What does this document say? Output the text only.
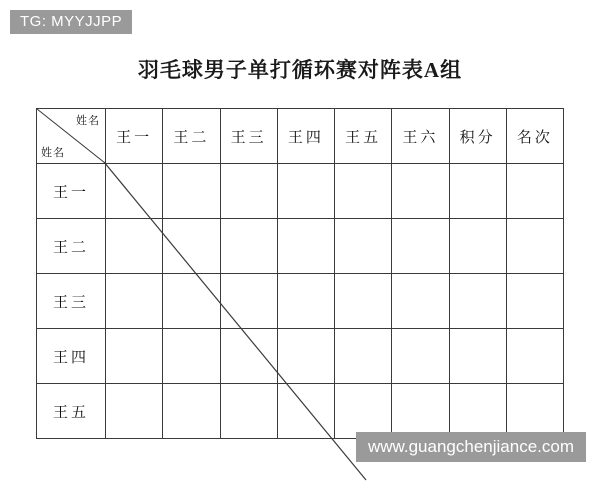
TG: MYYJJPP
羽毛球男子单打循环赛对阵表A组
姓名
姓名	王一	王二	王三	王四	王五	王六	积分	名次
王一								
王二								
王三								
王四								
王五								
www.guangchenjiance.com
